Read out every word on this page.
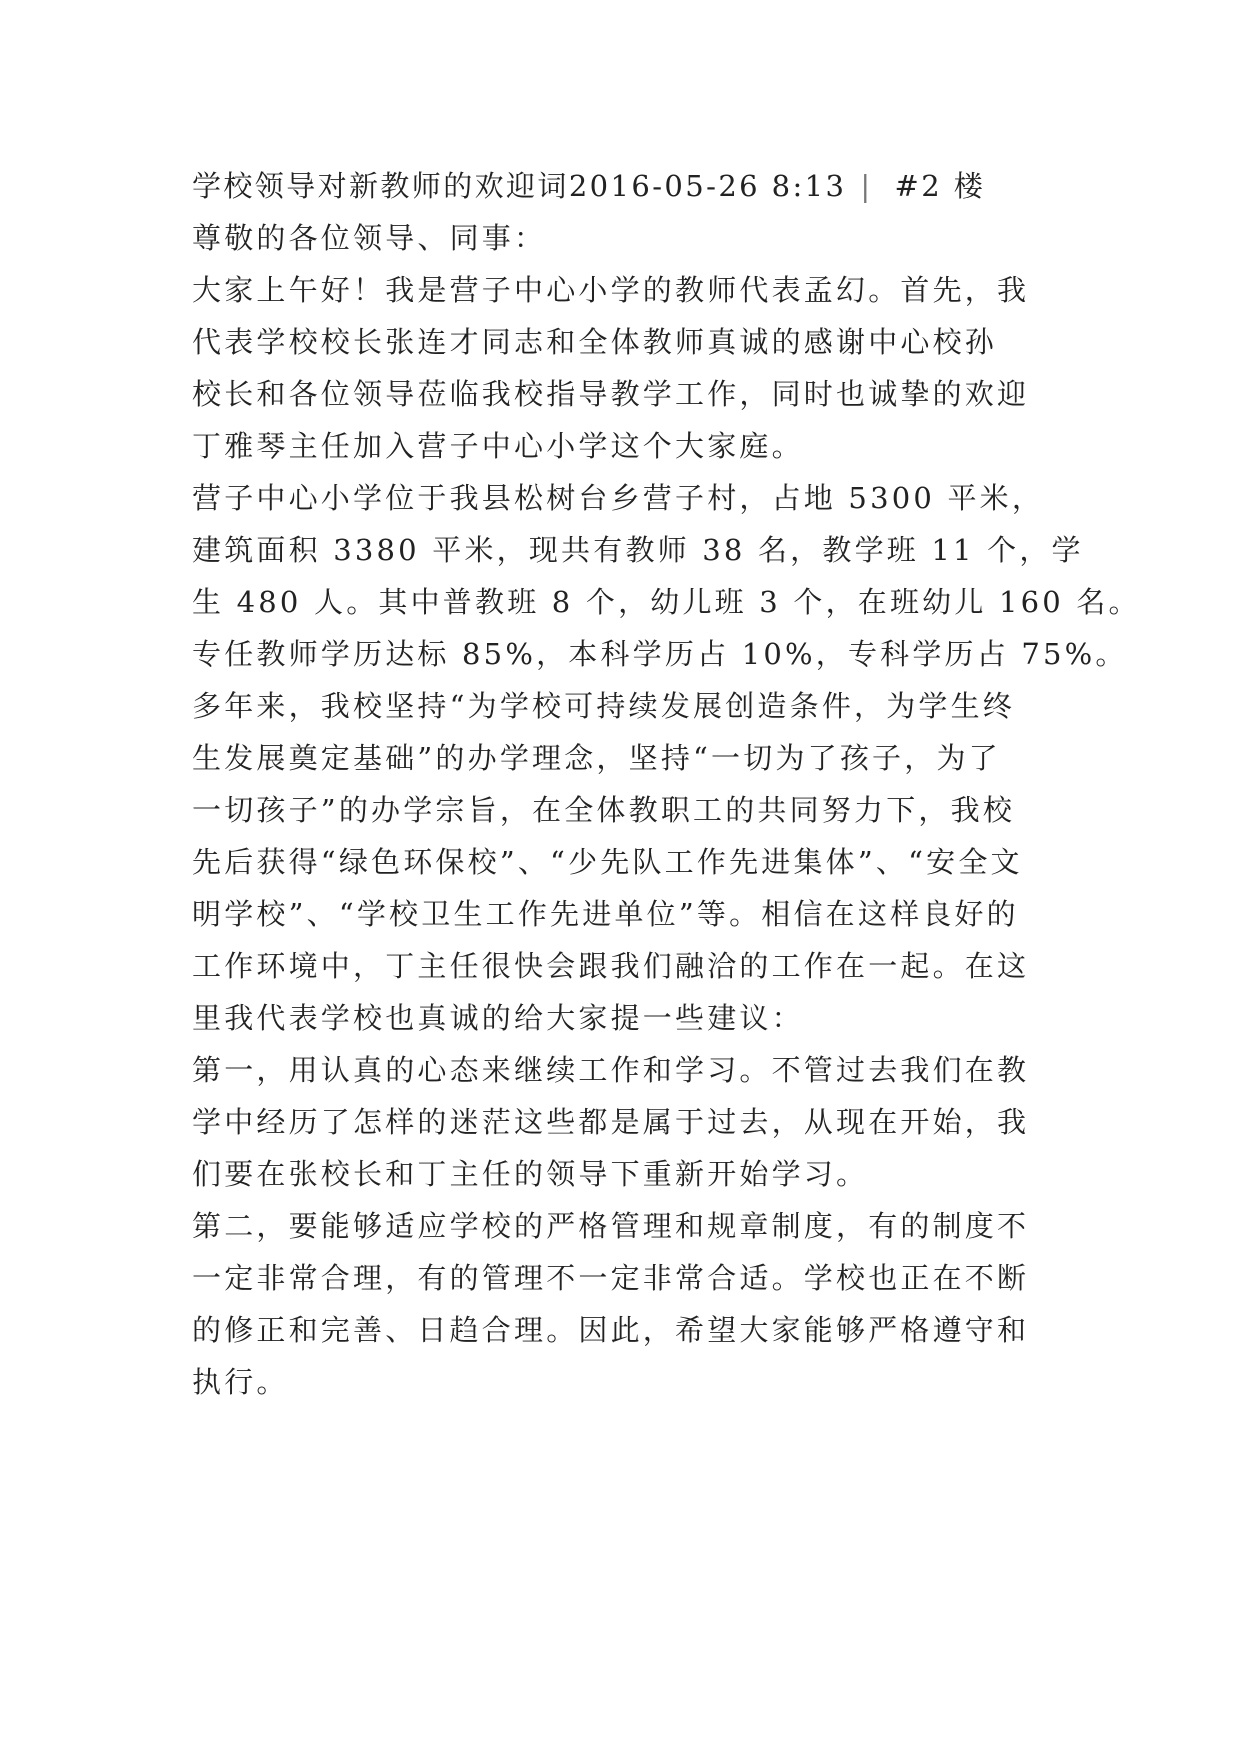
学校领导对新教师的欢迎词2016-05-26 8:13 | #2 楼
尊敬的各位领导、同事：
大家上午好！我是营子中心小学的教师代表孟幻。首先，我
代表学校校长张连才同志和全体教师真诚的感谢中心校孙
校长和各位领导莅临我校指导教学工作，同时也诚挚的欢迎
丁雅琴主任加入营子中心小学这个大家庭。
营子中心小学位于我县松树台乡营子村，占地 5300 平米，
建筑面积 3380 平米，现共有教师 38 名，教学班 11 个，学
生 480 人。其中普教班 8 个，幼儿班 3 个，在班幼儿 160 名。
专任教师学历达标 85%，本科学历占 10%，专科学历占 75%。
多年来，我校坚持“为学校可持续发展创造条件，为学生终
生发展奠定基础”的办学理念，坚持“一切为了孩子，为了
一切孩子”的办学宗旨，在全体教职工的共同努力下，我校
先后获得“绿色环保校”、“少先队工作先进集体”、“安全文
明学校”、“学校卫生工作先进单位”等。相信在这样良好的
工作环境中，丁主任很快会跟我们融洽的工作在一起。在这
里我代表学校也真诚的给大家提一些建议：
第一，用认真的心态来继续工作和学习。不管过去我们在教
学中经历了怎样的迷茫这些都是属于过去，从现在开始，我
们要在张校长和丁主任的领导下重新开始学习。
第二，要能够适应学校的严格管理和规章制度，有的制度不
一定非常合理，有的管理不一定非常合适。学校也正在不断
的修正和完善、日趋合理。因此，希望大家能够严格遵守和
执行。
